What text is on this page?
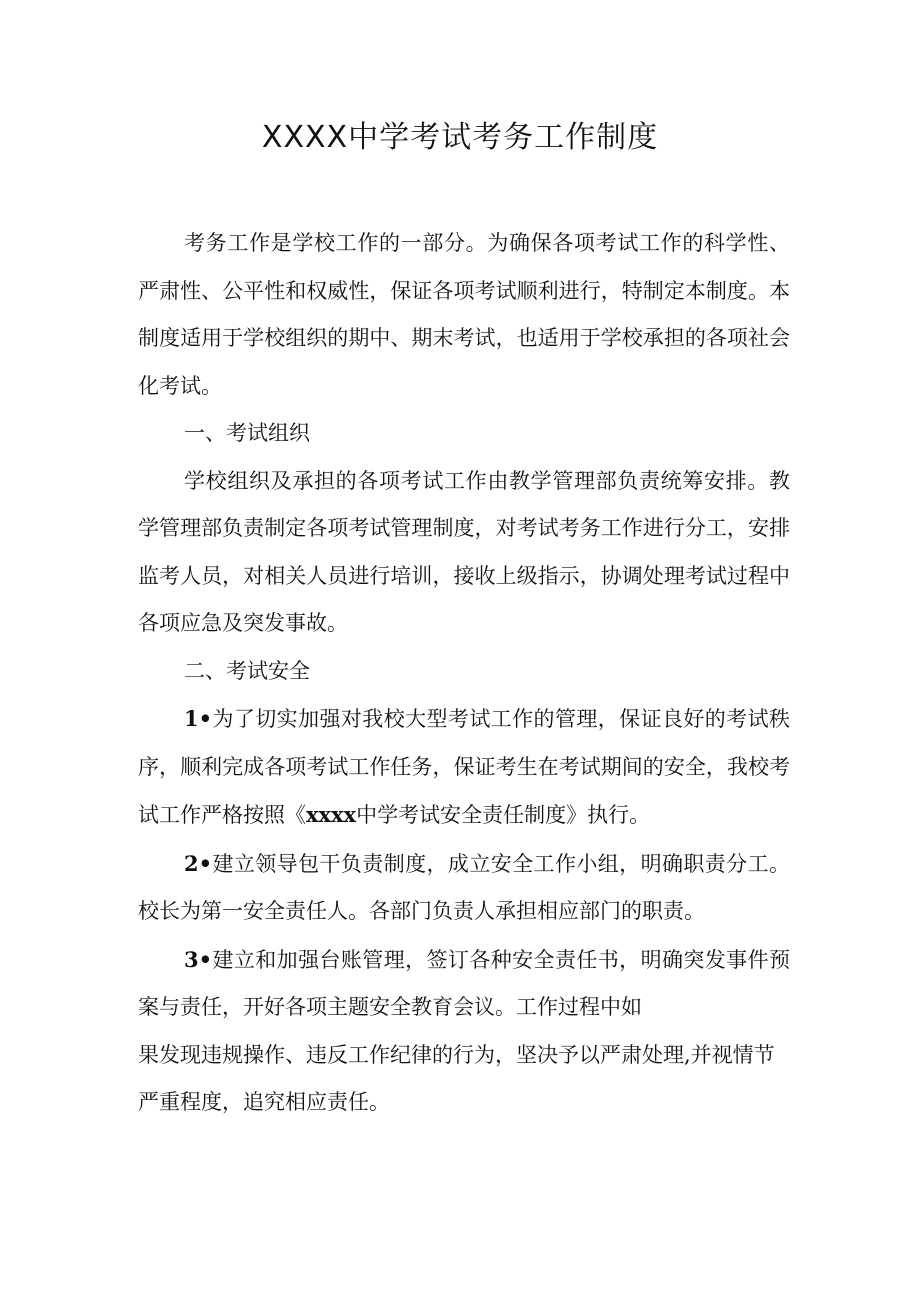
XXXX中学考试考务工作制度

考务工作是学校工作的一部分。为确保各项考试工作的科学性、严肃性、公平性和权威性，保证各项考试顺利进行，特制定本制度。本制度适用于学校组织的期中、期末考试，也适用于学校承担的各项社会化考试。

一、考试组织

学校组织及承担的各项考试工作由教学管理部负责统筹安排。教学管理部负责制定各项考试管理制度，对考试考务工作进行分工，安排监考人员，对相关人员进行培训，接收上级指示，协调处理考试过程中各项应急及突发事故。

二、考试安全

1•为了切实加强对我校大型考试工作的管理，保证良好的考试秩序，顺利完成各项考试工作任务，保证考生在考试期间的安全，我校考试工作严格按照《xxxx中学考试安全责任制度》执行。

2•建立领导包干负责制度，成立安全工作小组，明确职责分工。校长为第一安全责任人。各部门负责人承担相应部门的职责。

3•建立和加强台账管理，签订各种安全责任书，明确突发事件预案与责任，开好各项主题安全教育会议。工作过程中如

果发现违规操作、违反工作纪律的行为，坚决予以严肃处理,并视情节严重程度，追究相应责任。
